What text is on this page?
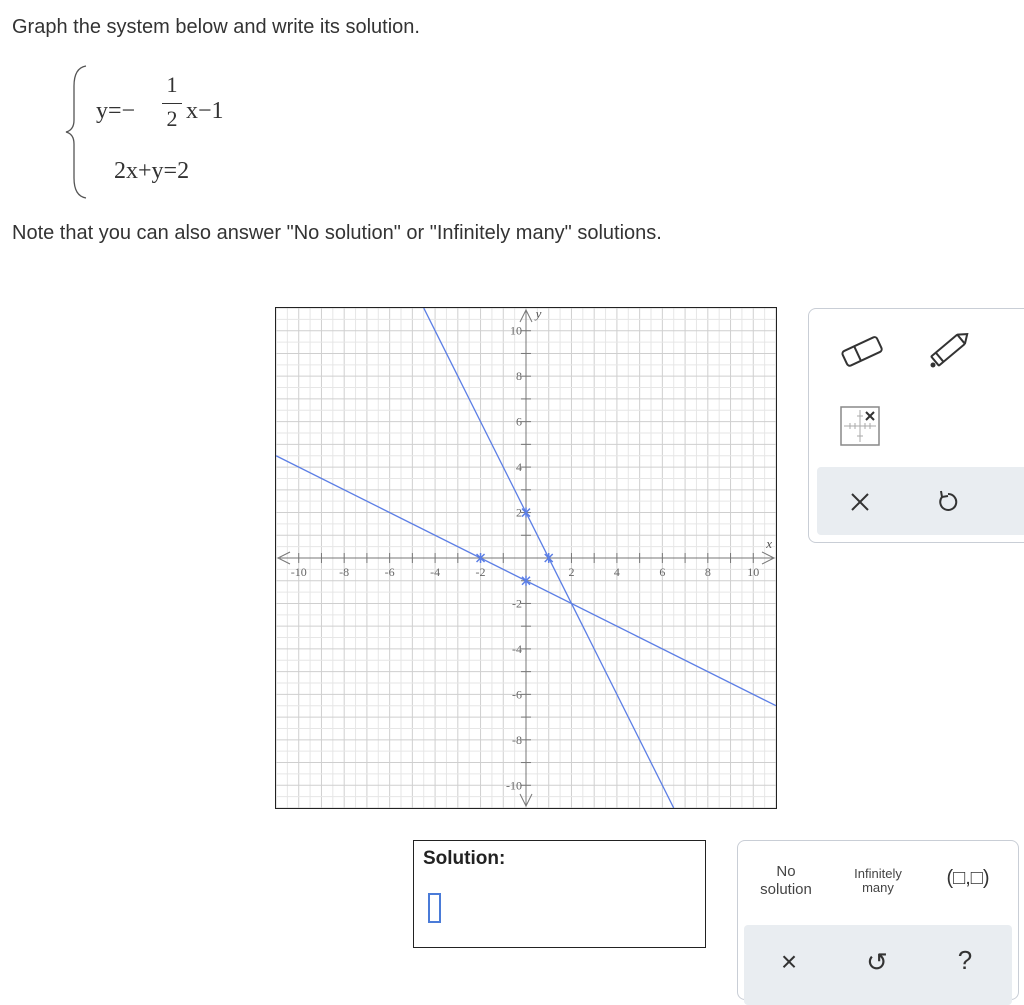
Graph the system below and write its solution.
y=−
1
2 x−1
2x+y=2
Note that you can also answer "No solution" or "Infinitely many" solutions.
-10	-8	-6	-4	-2	2	4	6	8	10
10
8
6
4
2
-2
-4
-6
-8
-10
x
y
Solution:
No
solution
Infinitely
many	(□,□)
×	↺	?
